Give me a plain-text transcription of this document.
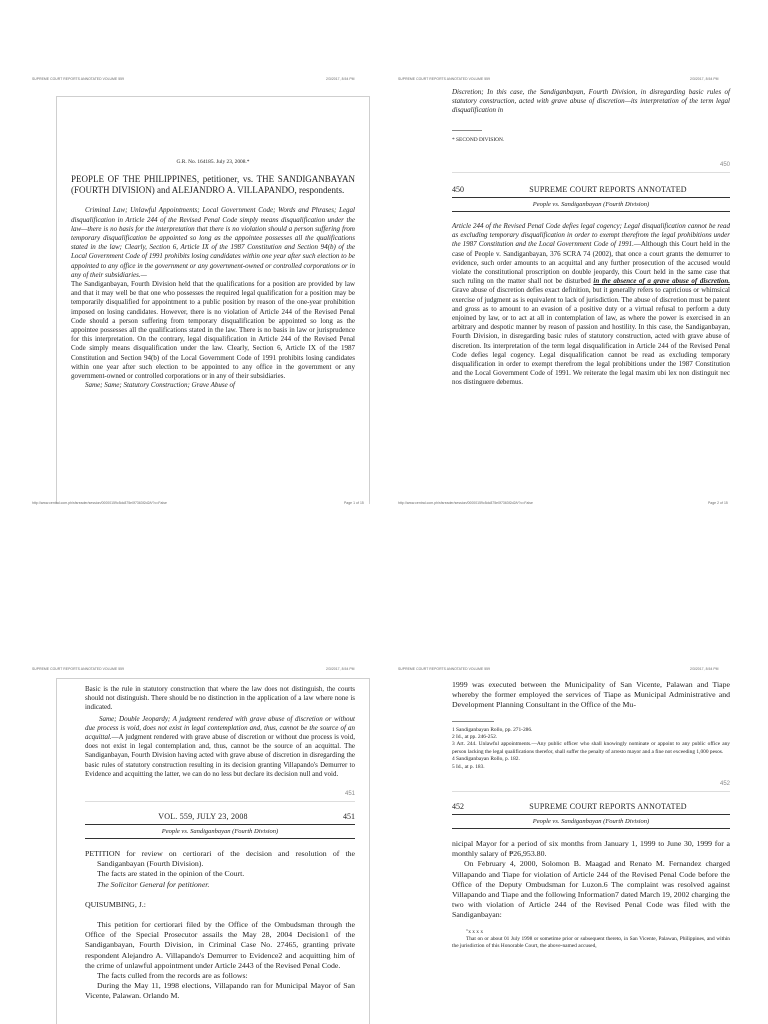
SUPREME COURT REPORTS ANNOTATED VOLUME 559	2/3/2017, 8:54 PM
G.R. No. 164185. July 23, 2008.*

PEOPLE OF THE PHILIPPINES, petitioner, vs. THE SANDIGANBAYAN (FOURTH DIVISION) and ALEJANDRO A. VILLAPANDO, respondents.

Criminal Law; Unlawful Appointments; Local Government Code; Words and Phrases; Legal disqualification in Article 244 of the Revised Penal Code simply means disqualification under the law—there is no basis for the interpretation that there is no violation should a person suffering from temporary disqualification be appointed so long as the appointee possesses all the qualifications stated in the law; Clearly, Section 6, Article IX of the 1987 Constitution and Section 94(b) of the Local Government Code of 1991 prohibits losing candidates within one year after such election to be appointed to any office in the government or any government-owned or controlled corporations or in any of their subsidiaries.—

The Sandiganbayan, Fourth Division held that the qualifications for a position are provided by law and that it may well be that one who possesses the required legal qualification for a position may be temporarily disqualified for appointment to a public position by reason of the one-year prohibition imposed on losing candidates. However, there is no violation of Article 244 of the Revised Penal Code should a person suffering from temporary disqualification be appointed so long as the appointee possesses all the qualifications stated in the law. There is no basis in law or jurisprudence for this interpretation. On the contrary, legal disqualification in Article 244 of the Revised Penal Code simply means disqualification under the law. Clearly, Section 6, Article IX of the 1987 Constitution and Section 94(b) of the Local Government Code of 1991 prohibits losing candidates within one year after such election to be appointed to any office in the government or any government-owned or controlled corporations or in any of their subsidiaries.

Same; Same; Statutory Construction; Grave Abuse of

http://www.central.com.ph/sfsreader/session/00000159c5dc875e0f7363f2d2/t/?o=False	Page 1 of 15
SUPREME COURT REPORTS ANNOTATED VOLUME 559	2/3/2017, 8:54 PM

Discretion; In this case, the Sandiganbayan, Fourth Division, in disregarding basic rules of statutory construction, acted with grave abuse of discretion—its interpretation of the term legal disqualification in

* SECOND DIVISION.
450
450	SUPREME COURT REPORTS ANNOTATED
People vs. Sandiganbayan (Fourth Division)

Article 244 of the Revised Penal Code defies legal cogency; Legal disqualification cannot be read as excluding temporary disqualification in order to exempt therefrom the legal prohibitions under the 1987 Constitution and the Local Government Code of 1991.—Although this Court held in the case of People v. Sandiganbayan, 376 SCRA 74 (2002), that once a court grants the demurrer to evidence, such order amounts to an acquittal and any further prosecution of the accused would violate the constitutional proscription on double jeopardy, this Court held in the same case that such ruling on the matter shall not be disturbed in the absence of a grave abuse of discretion. Grave abuse of discretion defies exact definition, but it generally refers to capricious or whimsical exercise of judgment as is equivalent to lack of jurisdiction. The abuse of discretion must be patent and gross as to amount to an evasion of a positive duty or a virtual refusal to perform a duty enjoined by law, or to act at all in contemplation of law, as where the power is exercised in an arbitrary and despotic manner by reason of passion and hostility. In this case, the Sandiganbayan, Fourth Division, in disregarding basic rules of statutory construction, acted with grave abuse of discretion. Its interpretation of the term legal disqualification in Article 244 of the Revised Penal Code defies legal cogency. Legal disqualification cannot be read as excluding temporary disqualification in order to exempt therefrom the legal prohibitions under the 1987 Constitution and the Local Government Code of 1991. We reiterate the legal maxim ubi lex non distinguit nec nos distinguere debemus.

http://www.central.com.ph/sfsreader/session/00000159c5dc875e0f7363f2d2/t/?o=False	Page 2 of 15
SUPREME COURT REPORTS ANNOTATED VOLUME 559	2/3/2017, 8:54 PM

Basic is the rule in statutory construction that where the law does not distinguish, the courts should not distinguish. There should be no distinction in the application of a law where none is indicated.

Same; Double Jeopardy; A judgment rendered with grave abuse of discretion or without due process is void, does not exist in legal contemplation and, thus, cannot be the source of an acquittal.—A judgment rendered with grave abuse of discretion or without due process is void, does not exist in legal contemplation and, thus, cannot be the source of an acquittal. The Sandiganbayan, Fourth Division having acted with grave abuse of discretion in disregarding the basic rules of statutory construction resulting in its decision granting Villapando's Demurrer to Evidence and acquitting the latter, we can do no less but declare its decision null and void.

451
VOL. 559, JULY 23, 2008	451
People vs. Sandiganbayan (Fourth Division)

PETITION for review on certiorari of the decision and resolution of the Sandiganbayan (Fourth Division).

The facts are stated in the opinion of the Court.

The Solicitor General for petitioner.

QUISUMBING, J.:

This petition for certiorari filed by the Office of the Ombudsman through the Office of the Special Prosecutor assails the May 28, 2004 Decision1 of the Sandiganbayan, Fourth Division, in Criminal Case No. 27465, granting private respondent Alejandro A. Villapando's Demurrer to Evidence2 and acquitting him of the crime of unlawful appointment under Article 2443 of the Revised Penal Code.

The facts culled from the records are as follows:

During the May 11, 1998 elections, Villapando ran for Municipal Mayor of San Vicente, Palawan. Orlando M.

SUPREME COURT REPORTS ANNOTATED VOLUME 559	2/3/2017, 8:54 PM

1999 was executed between the Municipality of San Vicente, Palawan and Tiape whereby the former employed the services of Tiape as Municipal Administrative and Development Planning Consultant in the Office of the Mu-

1 Sandiganbayan Rollo, pp. 271-286.
2 Id., at pp. 246-252.
3 Art. 244. Unlawful appointments.—Any public officer who shall knowingly nominate or appoint to any public office any person lacking the legal qualifications therefor, shall suffer the penalty of arresto mayor and a fine not exceeding 1,000 pesos.
4 Sandiganbayan Rollo, p. 182.
5 Id., at p. 183.
452
452	SUPREME COURT REPORTS ANNOTATED
People vs. Sandiganbayan (Fourth Division)

nicipal Mayor for a period of six months from January 1, 1999 to June 30, 1999 for a monthly salary of ₱26,953.80.

On February 4, 2000, Solomon B. Maagad and Renato M. Fernandez charged Villapando and Tiape for violation of Article 244 of the Revised Penal Code before the Office of the Deputy Ombudsman for Luzon.6 The complaint was resolved against Villapando and Tiape and the following Information7 dated March 19, 2002 charging the two with violation of Article 244 of the Revised Penal Code was filed with the Sandiganbayan:

"x x x x

That on or about 01 July 1998 or sometime prior or subsequent thereto, in San Vicente, Palawan, Philippines, and within the jurisdiction of this Honorable Court, the above-named accused,
